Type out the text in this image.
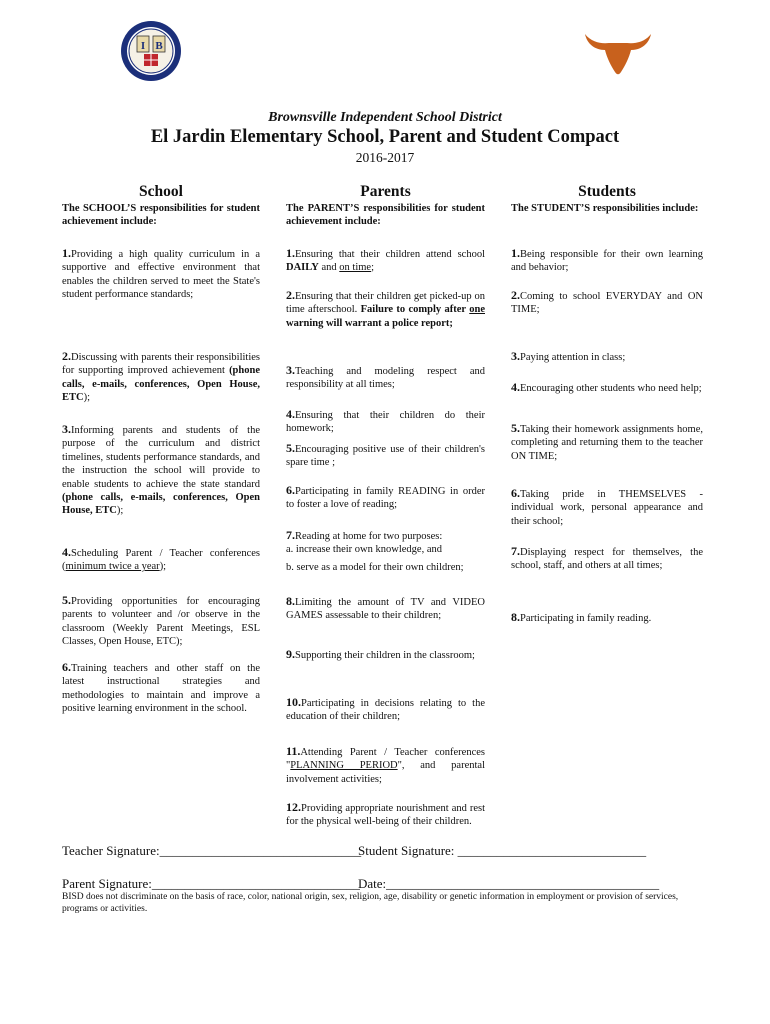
I B
Brownsville Independent School District
El Jardin Elementary School, Parent and Student Compact
2016-2017
School	Parents	Students
The SCHOOL’S responsibilities for student achievement include:
The PARENT’S responsibilities for student achievement include:
The STUDENT’S responsibilities include:
1.Providing a high quality curriculum in a supportive and effective environment that enables the children served to meet the State's student performance standards;
2.Discussing with parents their responsibilities for supporting improved achievement (phone calls, e-mails, conferences, Open House, ETC);
3.Informing parents and students of the purpose of the curriculum and district timelines, students performance standards, and the instruction the school will provide to enable students to achieve the state standard (phone calls, e-mails, conferences, Open House, ETC);
4.Scheduling Parent / Teacher conferences (minimum twice a year);
5.Providing opportunities for encouraging parents to volunteer and /or observe in the classroom (Weekly Parent Meetings, ESL Classes, Open House, ETC);
6.Training teachers and other staff on the latest instructional strategies and methodologies to maintain and improve a positive learning environment in the school.
1.Ensuring that their children attend school DAILY and on time;
2.Ensuring that their children get picked-up on time afterschool. Failure to comply after one warning will warrant a police report;
3.Teaching and modeling respect and responsibility at all times;
4.Ensuring that their children do their homework;
5.Encouraging positive use of their children's spare time ;
6.Participating in family READING in order to foster a love of reading;
7.Reading at home for two purposes:
a. increase their own knowledge, and
b. serve as a model for their own children;
8.Limiting the amount of TV and VIDEO GAMES assessable to their children;
9.Supporting their children in the classroom;
10.Participating in decisions relating to the education of their children;
11.Attending Parent / Teacher conferences "PLANNING PERIOD", and parental involvement activities;
12.Providing appropriate nourishment and rest for the physical well-being of their children.
1.Being responsible for their own learning and behavior;
2.Coming to school EVERYDAY and ON TIME;
3.Paying attention in class;
4.Encouraging other students who need help;
5.Taking their homework assignments home, completing and returning them to the teacher ON TIME;
6.Taking pride in THEMSELVES - individual work, personal appearance and their school;
7.Displaying respect for themselves, the school, staff, and others at all times;
8.Participating in family reading.
Teacher Signature:_______________________________
Student Signature: _____________________________
Parent Signature:________________________________
Date:__________________________________________
BISD does not discriminate on the basis of race, color, national origin, sex, religion, age, disability or genetic information in employment or provision of services, programs or activities.
